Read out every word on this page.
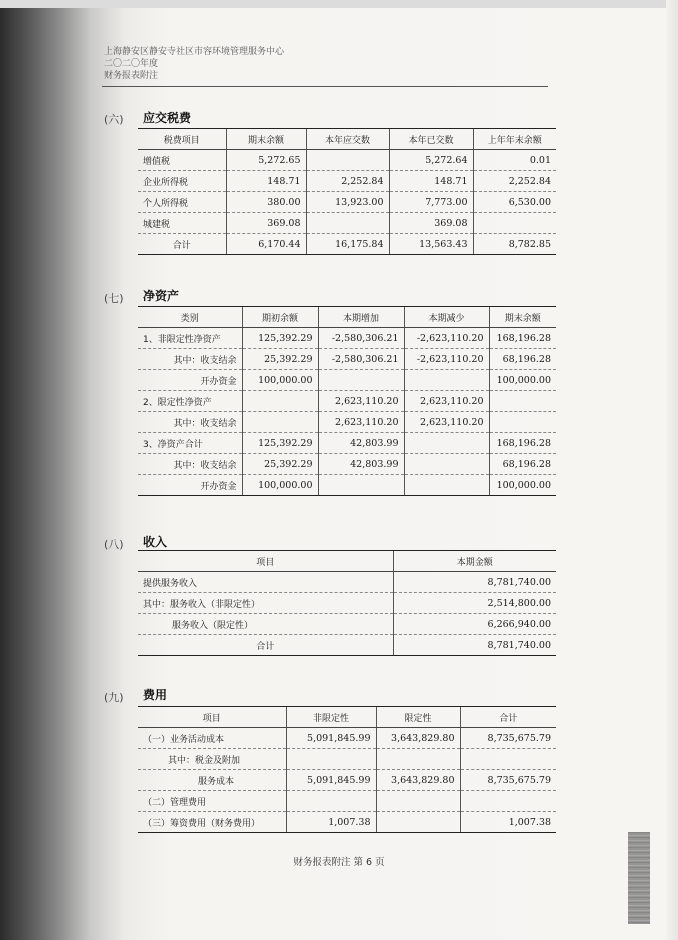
上海静安区静安寺社区市容环境管理服务中心
二〇二〇年度
财务报表附注
(六) 应交税费
税费项目	期末余额	本年应交数	本年已交数	上年年末余额
增值税	5,272.65		5,272.64	0.01
企业所得税	148.71	2,252.84	148.71	2,252.84
个人所得税	380.00	13,923.00	7,773.00	6,530.00
城建税	369.08		369.08	
合计	6,170.44	16,175.84	13,563.43	8,782.85
(七) 净资产
类别	期初余额	本期增加	本期减少	期末余额
1、非限定性净资产	125,392.29	-2,580,306.21	-2,623,110.20	168,196.28
其中：收支结余	25,392.29	-2,580,306.21	-2,623,110.20	68,196.28
开办资金	100,000.00			100,000.00
2、限定性净资产		2,623,110.20	2,623,110.20	
其中：收支结余		2,623,110.20	2,623,110.20	
3、净资产合计	125,392.29	42,803.99		168,196.28
其中：收支结余	25,392.29	42,803.99		68,196.28
开办资金	100,000.00			100,000.00
(八) 收入
项目	本期金额
提供服务收入	8,781,740.00
其中：服务收入（非限定性）	2,514,800.00
服务收入（限定性）	6,266,940.00
合计	8,781,740.00
(九) 费用
项目	非限定性	限定性	合计
（一）业务活动成本	5,091,845.99	3,643,829.80	8,735,675.79
其中：税金及附加			
服务成本	5,091,845.99	3,643,829.80	8,735,675.79
（二）管理费用			
（三）筹资费用（财务费用）	1,007.38		1,007.38
财务报表附注 第 6 页
